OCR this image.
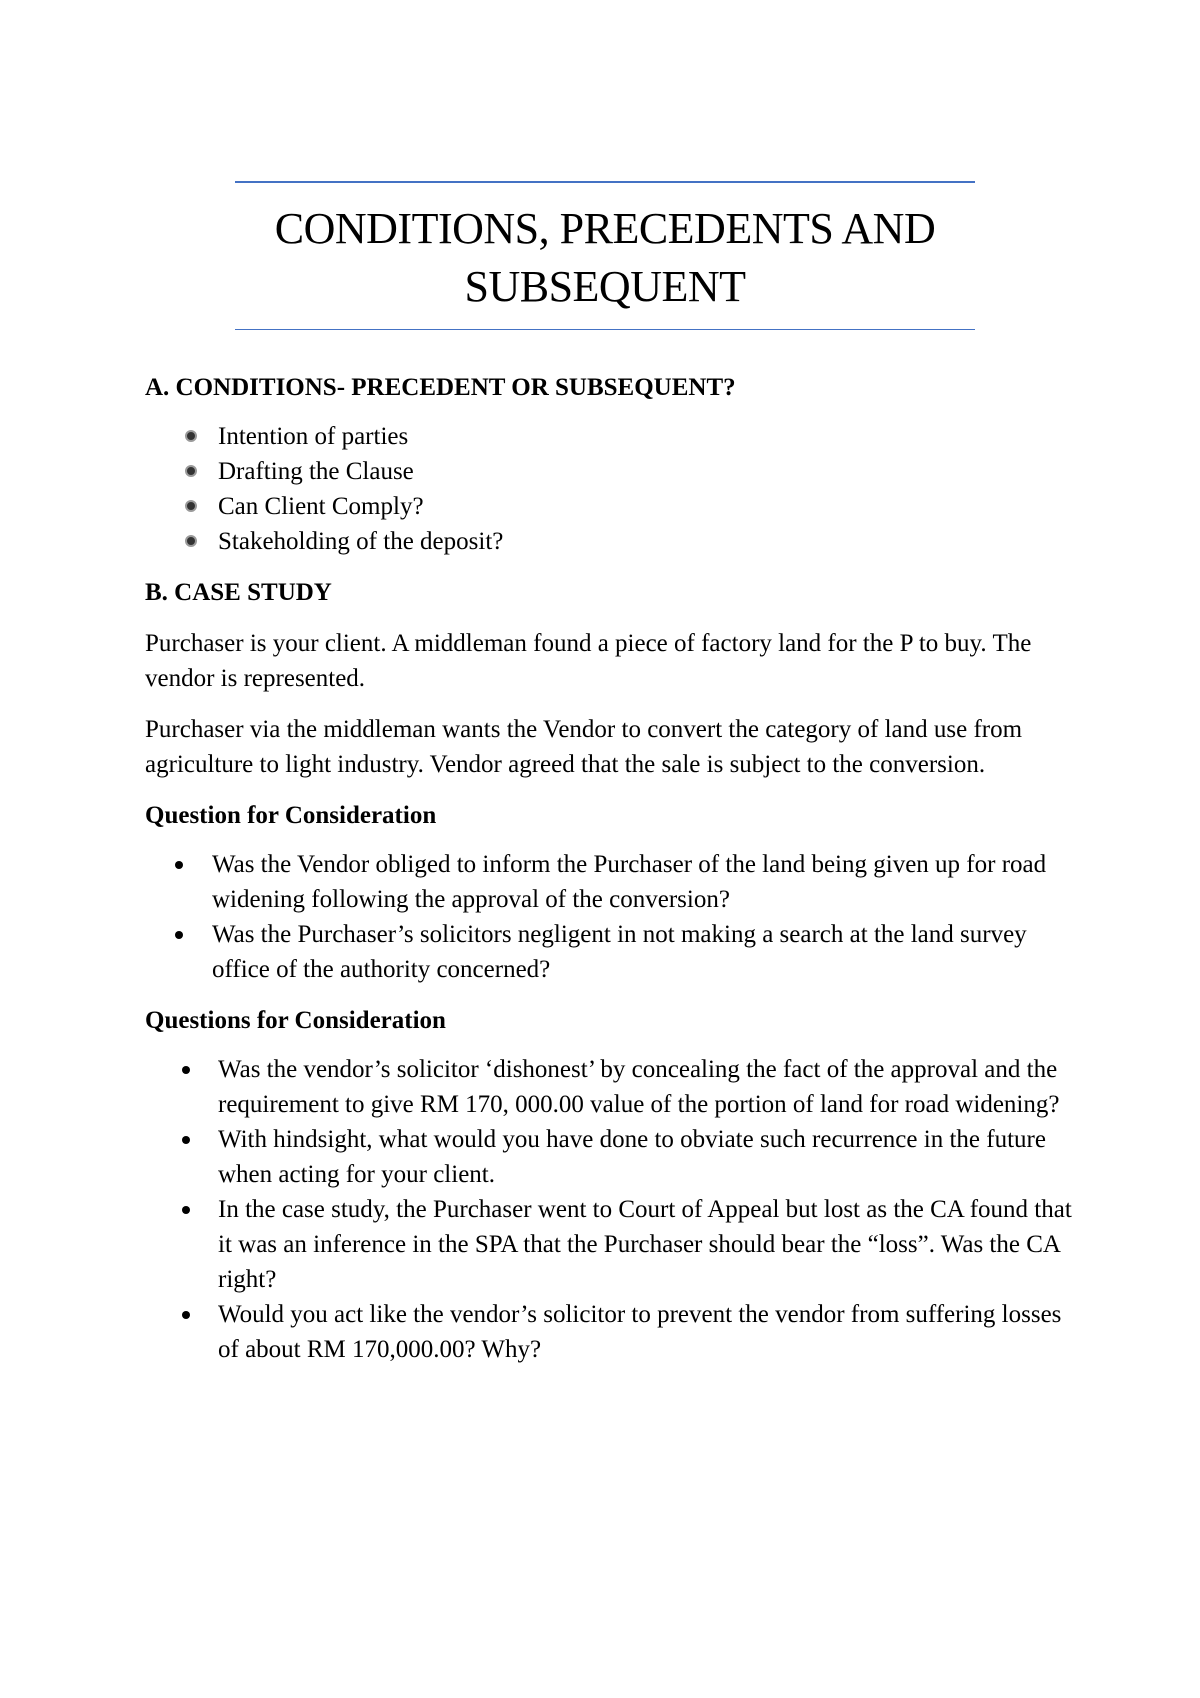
CONDITIONS, PRECEDENTS AND SUBSEQUENT

A. CONDITIONS- PRECEDENT OR SUBSEQUENT?

Intention of parties
Drafting the Clause
Can Client Comply?
Stakeholding of the deposit?

B. CASE STUDY

Purchaser is your client. A middleman found a piece of factory land for the P to buy. The vendor is represented.

Purchaser via the middleman wants the Vendor to convert the category of land use from agriculture to light industry. Vendor agreed that the sale is subject to the conversion.

Question for Consideration

Was the Vendor obliged to inform the Purchaser of the land being given up for road widening following the approval of the conversion?
Was the Purchaser’s solicitors negligent in not making a search at the land survey office of the authority concerned?

Questions for Consideration

Was the vendor’s solicitor ‘dishonest’ by concealing the fact of the approval and the requirement to give RM 170, 000.00 value of the portion of land for road widening?
With hindsight, what would you have done to obviate such recurrence in the future when acting for your client.
In the case study, the Purchaser went to Court of Appeal but lost as the CA found that it was an inference in the SPA that the Purchaser should bear the “loss”. Was the CA right?
Would you act like the vendor’s solicitor to prevent the vendor from suffering losses of about RM 170,000.00? Why?
